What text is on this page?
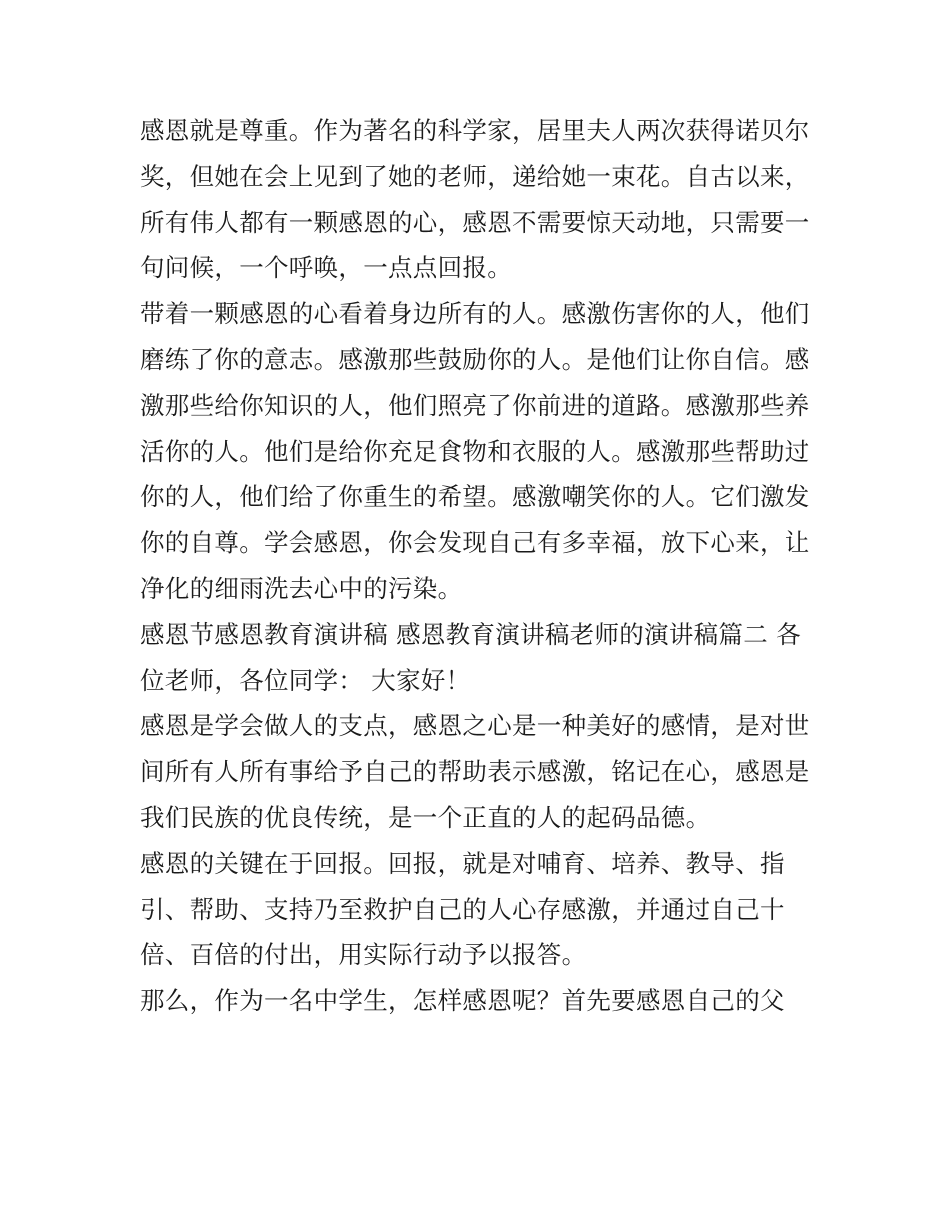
感恩就是尊重。作为著名的科学家，居里夫人两次获得诺贝尔
奖，但她在会上见到了她的老师，递给她一束花。自古以来，
所有伟人都有一颗感恩的心，感恩不需要惊天动地，只需要一
句问候，一个呼唤，一点点回报。

带着一颗感恩的心看着身边所有的人。感激伤害你的人，他们
磨练了你的意志。感激那些鼓励你的人。是他们让你自信。感
激那些给你知识的人，他们照亮了你前进的道路。感激那些养
活你的人。他们是给你充足食物和衣服的人。感激那些帮助过
你的人，他们给了你重生的希望。感激嘲笑你的人。它们激发
你的自尊。学会感恩，你会发现自己有多幸福，放下心来，让
净化的细雨洗去心中的污染。

感恩节感恩教育演讲稿 感恩教育演讲稿老师的演讲稿篇二 各
位老师，各位同学： 大家好！

感恩是学会做人的支点，感恩之心是一种美好的感情，是对世
间所有人所有事给予自己的帮助表示感激，铭记在心，感恩是
我们民族的优良传统，是一个正直的人的起码品德。

感恩的关键在于回报。回报，就是对哺育、培养、教导、指
引、帮助、支持乃至救护自己的人心存感激，并通过自己十
倍、百倍的付出，用实际行动予以报答。

那么，作为一名中学生，怎样感恩呢？首先要感恩自己的父
